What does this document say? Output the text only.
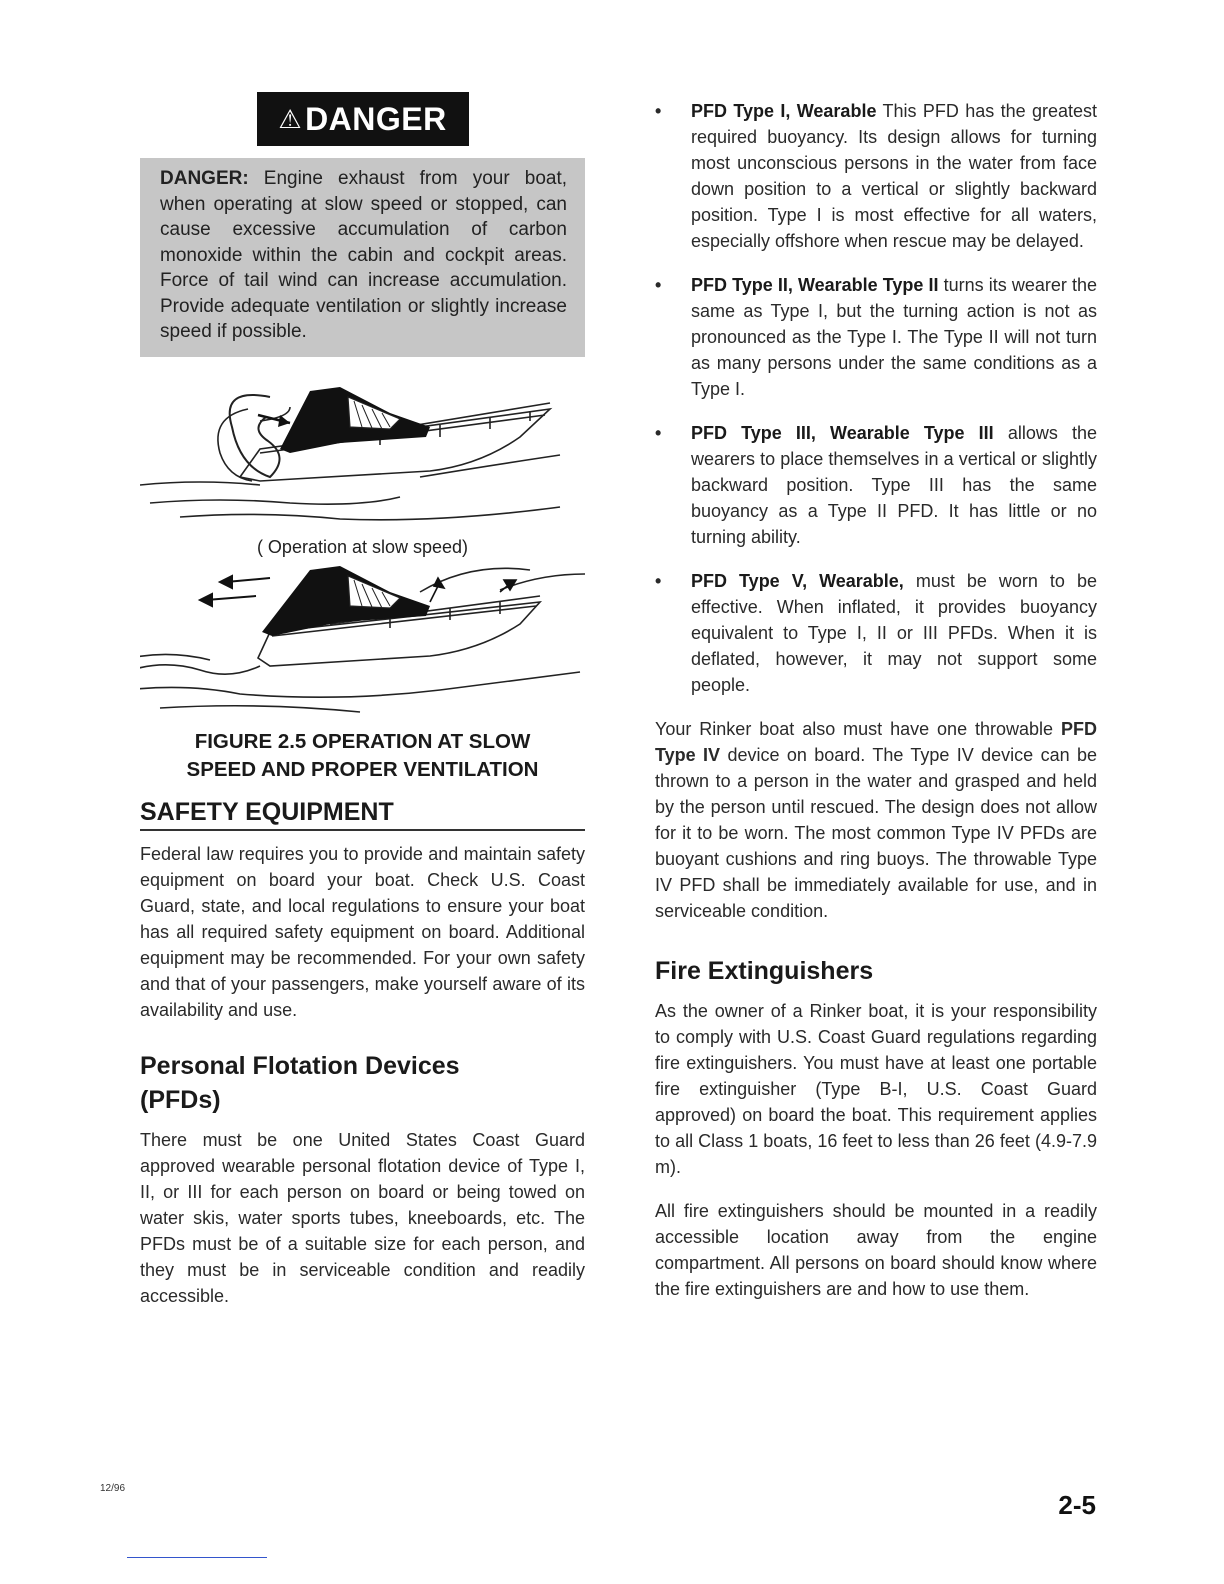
⚠DANGER
DANGER: Engine exhaust from your boat, when operating at slow speed or stopped, can cause excessive accumulation of carbon monoxide within the cabin and cockpit areas. Force of tail wind can increase accumulation. Provide adequate ventilation or slightly increase speed if possible.
( Operation at slow speed)
FIGURE 2.5 OPERATION AT SLOW
SPEED AND PROPER VENTILATION
SAFETY EQUIPMENT

Federal law requires you to provide and maintain safety equipment on board your boat. Check U.S. Coast Guard, state, and local regulations to ensure your boat has all required safety equipment on board. Additional equipment may be recommended. For your own safety and that of your passengers, make yourself aware of its availability and use.

Personal Flotation Devices
(PFDs)

There must be one United States Coast Guard approved wearable personal flotation device of Type I, II, or III for each person on board or being towed on water skis, water sports tubes, kneeboards, etc. The PFDs must be of a suitable size for each person, and they must be in serviceable condition and readily accessible.

• PFD Type I, Wearable This PFD has the greatest required buoyancy. Its design allows for turning most unconscious persons in the water from face down position to a vertical or slightly backward position. Type I is most effective for all waters, especially offshore when rescue may be delayed.
• PFD Type II, Wearable Type II turns its wearer the same as Type I, but the turning action is not as pronounced as the Type I. The Type II will not turn as many persons under the same conditions as a Type I.
• PFD Type III, Wearable Type III allows the wearers to place themselves in a vertical or slightly backward position. Type III has the same buoyancy as a Type II PFD. It has little or no turning ability.
• PFD Type V, Wearable, must be worn to be effective. When inflated, it provides buoyancy equivalent to Type I, II or III PFDs. When it is deflated, however, it may not support some people.

Your Rinker boat also must have one throwable PFD Type IV device on board. The Type IV device can be thrown to a person in the water and grasped and held by the person until rescued. The design does not allow for it to be worn. The most common Type IV PFDs are buoyant cushions and ring buoys. The throwable Type IV PFD shall be immediately available for use, and in serviceable condition.

Fire Extinguishers

As the owner of a Rinker boat, it is your responsibility to comply with U.S. Coast Guard regulations regarding fire extinguishers. You must have at least one portable fire extinguisher (Type B-I, U.S. Coast Guard approved) on board the boat. This requirement applies to all Class 1 boats, 16 feet to less than 26 feet (4.9-7.9 m).

All fire extinguishers should be mounted in a readily accessible location away from the engine compartment. All persons on board should know where the fire extinguishers are and how to use them.

12/96
2-5
